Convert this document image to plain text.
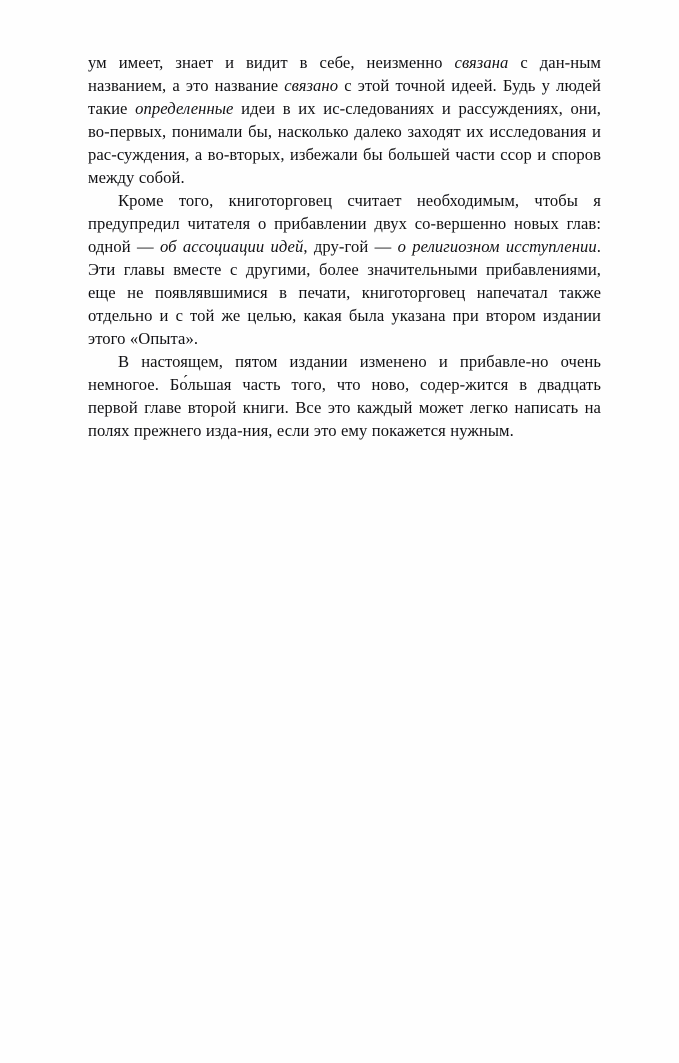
ум имеет, знает и видит в себе, неизменно связана с дан-ным названием, а это название связано с этой точной идеей. Будь у людей такие определенные идеи в их ис-следованиях и рассуждениях, они, во-первых, понимали бы, насколько далеко заходят их исследования и рас-суждения, а во-вторых, избежали бы большей части ссор и споров между собой.

Кроме того, книготорговец считает необходимым, чтобы я предупредил читателя о прибавлении двух со-вершенно новых глав: одной — об ассоциации идей, дру-гой — о религиозном исступлении. Эти главы вместе с другими, более значительными прибавлениями, еще не появлявшимися в печати, книготорговец напечатал также отдельно и с той же целью, какая была указана при втором издании этого «Опыта».

В настоящем, пятом издании изменено и прибавле-но очень немногое. Бо́льшая часть того, что ново, содер-жится в двадцать первой главе второй книги. Все это каждый может легко написать на полях прежнего изда-ния, если это ему покажется нужным.
